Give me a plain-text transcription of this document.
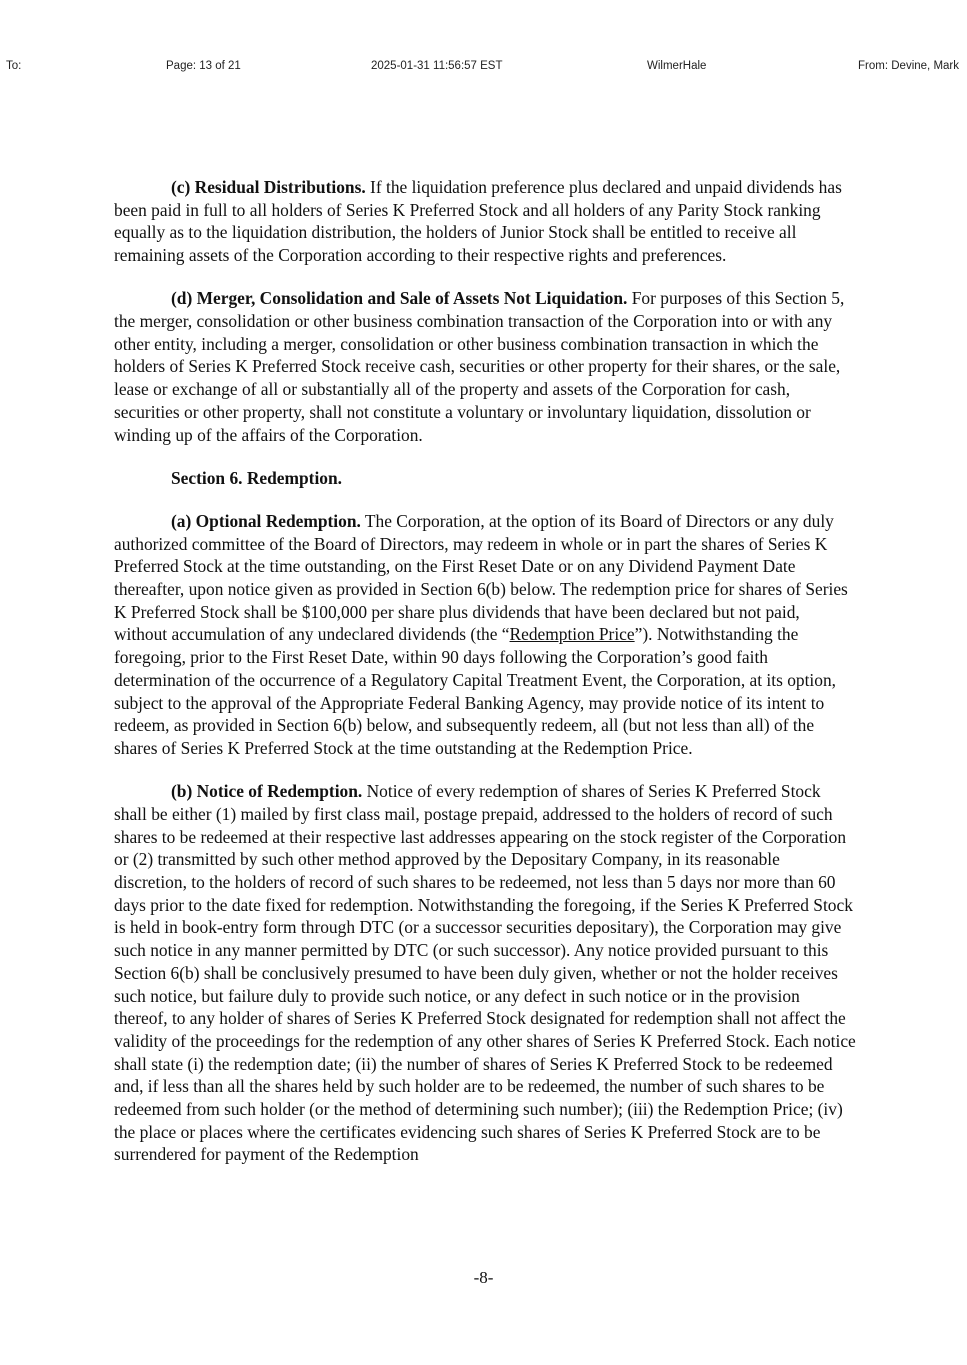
To:	Page: 13 of 21	2025-01-31 11:56:57 EST	WilmerHale	From: Devine, Mark

(c) Residual Distributions. If the liquidation preference plus declared and unpaid dividends has been paid in full to all holders of Series K Preferred Stock and all holders of any Parity Stock ranking equally as to the liquidation distribution, the holders of Junior Stock shall be entitled to receive all remaining assets of the Corporation according to their respective rights and preferences.

(d) Merger, Consolidation and Sale of Assets Not Liquidation. For purposes of this Section 5, the merger, consolidation or other business combination transaction of the Corporation into or with any other entity, including a merger, consolidation or other business combination transaction in which the holders of Series K Preferred Stock receive cash, securities or other property for their shares, or the sale, lease or exchange of all or substantially all of the property and assets of the Corporation for cash, securities or other property, shall not constitute a voluntary or involuntary liquidation, dissolution or winding up of the affairs of the Corporation.

Section 6. Redemption.

(a) Optional Redemption. The Corporation, at the option of its Board of Directors or any duly authorized committee of the Board of Directors, may redeem in whole or in part the shares of Series K Preferred Stock at the time outstanding, on the First Reset Date or on any Dividend Payment Date thereafter, upon notice given as provided in Section 6(b) below. The redemption price for shares of Series K Preferred Stock shall be $100,000 per share plus dividends that have been declared but not paid, without accumulation of any undeclared dividends (the “Redemption Price”). Notwithstanding the foregoing, prior to the First Reset Date, within 90 days following the Corporation’s good faith determination of the occurrence of a Regulatory Capital Treatment Event, the Corporation, at its option, subject to the approval of the Appropriate Federal Banking Agency, may provide notice of its intent to redeem, as provided in Section 6(b) below, and subsequently redeem, all (but not less than all) of the shares of Series K Preferred Stock at the time outstanding at the Redemption Price.

(b) Notice of Redemption. Notice of every redemption of shares of Series K Preferred Stock shall be either (1) mailed by first class mail, postage prepaid, addressed to the holders of record of such shares to be redeemed at their respective last addresses appearing on the stock register of the Corporation or (2) transmitted by such other method approved by the Depositary Company, in its reasonable discretion, to the holders of record of such shares to be redeemed, not less than 5 days nor more than 60 days prior to the date fixed for redemption. Notwithstanding the foregoing, if the Series K Preferred Stock is held in book-entry form through DTC (or a successor securities depositary), the Corporation may give such notice in any manner permitted by DTC (or such successor). Any notice provided pursuant to this Section 6(b) shall be conclusively presumed to have been duly given, whether or not the holder receives such notice, but failure duly to provide such notice, or any defect in such notice or in the provision thereof, to any holder of shares of Series K Preferred Stock designated for redemption shall not affect the validity of the proceedings for the redemption of any other shares of Series K Preferred Stock. Each notice shall state (i) the redemption date; (ii) the number of shares of Series K Preferred Stock to be redeemed and, if less than all the shares held by such holder are to be redeemed, the number of such shares to be redeemed from such holder (or the method of determining such number); (iii) the Redemption Price; (iv) the place or places where the certificates evidencing such shares of Series K Preferred Stock are to be surrendered for payment of the Redemption

-8-
